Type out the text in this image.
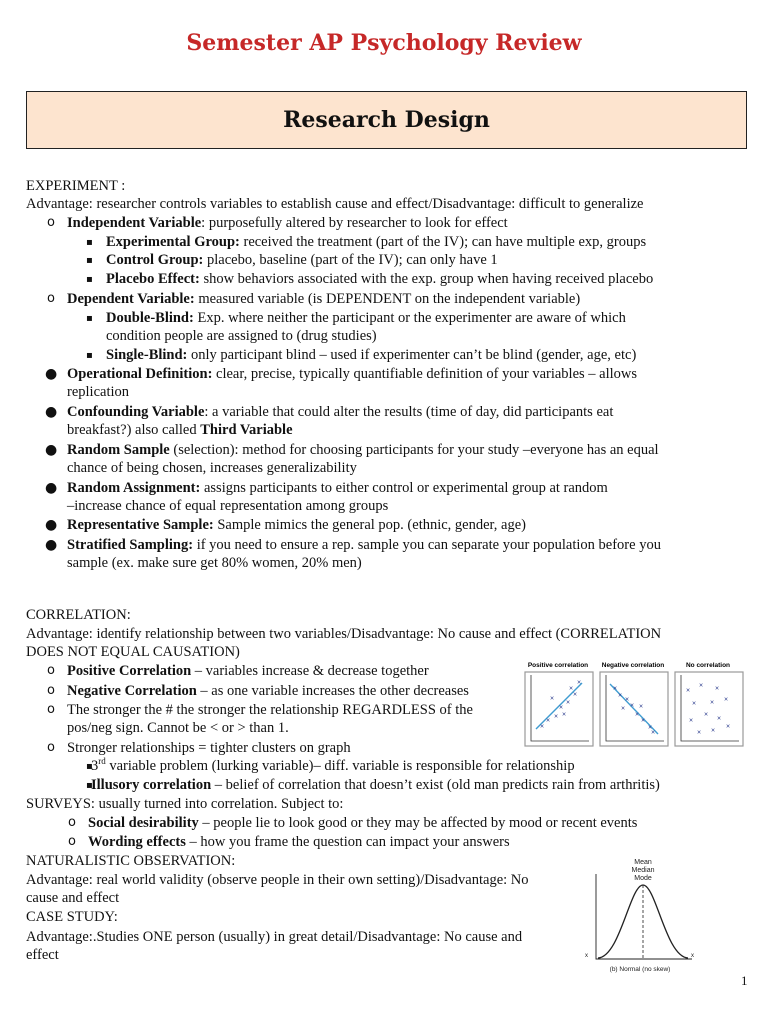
Semester AP Psychology Review
Research Design
EXPERIMENT :
Advantage: researcher controls variables to establish cause and effect/Disadvantage: difficult to generalize
o Independent Variable: purposefully altered by researcher to look for effect
▪ Experimental Group: received the treatment (part of the IV); can have multiple exp, groups
▪ Control Group: placebo, baseline (part of the IV); can only have 1
▪ Placebo Effect: show behaviors associated with the exp. group when having received placebo
o Dependent Variable: measured variable (is DEPENDENT on the independent variable)
▪ Double-Blind: Exp. where neither the participant or the experimenter are aware of which
condition people are assigned to (drug studies)
▪ Single-Blind: only participant blind – used if experimenter can’t be blind (gender, age, etc)
● Operational Definition: clear, precise, typically quantifiable definition of your variables – allows
replication
● Confounding Variable: a variable that could alter the results (time of day, did participants eat
breakfast?) also called Third Variable
● Random Sample (selection): method for choosing participants for your study –everyone has an equal
chance of being chosen, increases generalizability
● Random Assignment: assigns participants to either control or experimental group at random
–increase chance of equal representation among groups
● Representative Sample: Sample mimics the general pop. (ethnic, gender, age)
● Stratified Sampling: if you need to ensure a rep. sample you can separate your population before you
sample (ex. make sure get 80% women, 20% men)
CORRELATION:
Advantage: identify relationship between two variables/Disadvantage: No cause and effect (CORRELATION
DOES NOT EQUAL CAUSATION)
o Positive Correlation – variables increase & decrease together
o Negative Correlation – as one variable increases the other decreases
o The stronger the # the stronger the relationship REGARDLESS of the
pos/neg sign. Cannot be < or > than 1.
o Stronger relationships = tighter clusters on graph
▪
3rd variable problem (lurking variable)– diff. variable is responsible for relationship
▪
Illusory correlation – belief of correlation that doesn’t exist (old man predicts rain from arthritis)
SURVEYS: usually turned into correlation. Subject to:
o Social desirability – people lie to look good or they may be affected by mood or recent events
o Wording effects – how you frame the question can impact your answers
NATURALISTIC OBSERVATION:
Advantage: real world validity (observe people in their own setting)/Disadvantage: No
cause and effect
CASE STUDY:
Advantage:.Studies ONE person (usually) in great detail/Disadvantage: No cause and
effect
Positive correlation Negative correlation	No correlation
×
×
×
×
×
×
×
×
×
×
×
×
×
×
×
×
×
× ×
×
×
× ×
× × ×
×
×
×
× ×
×
Mean
Median
Mode
x	x
(b) Normal (no skew)
1
